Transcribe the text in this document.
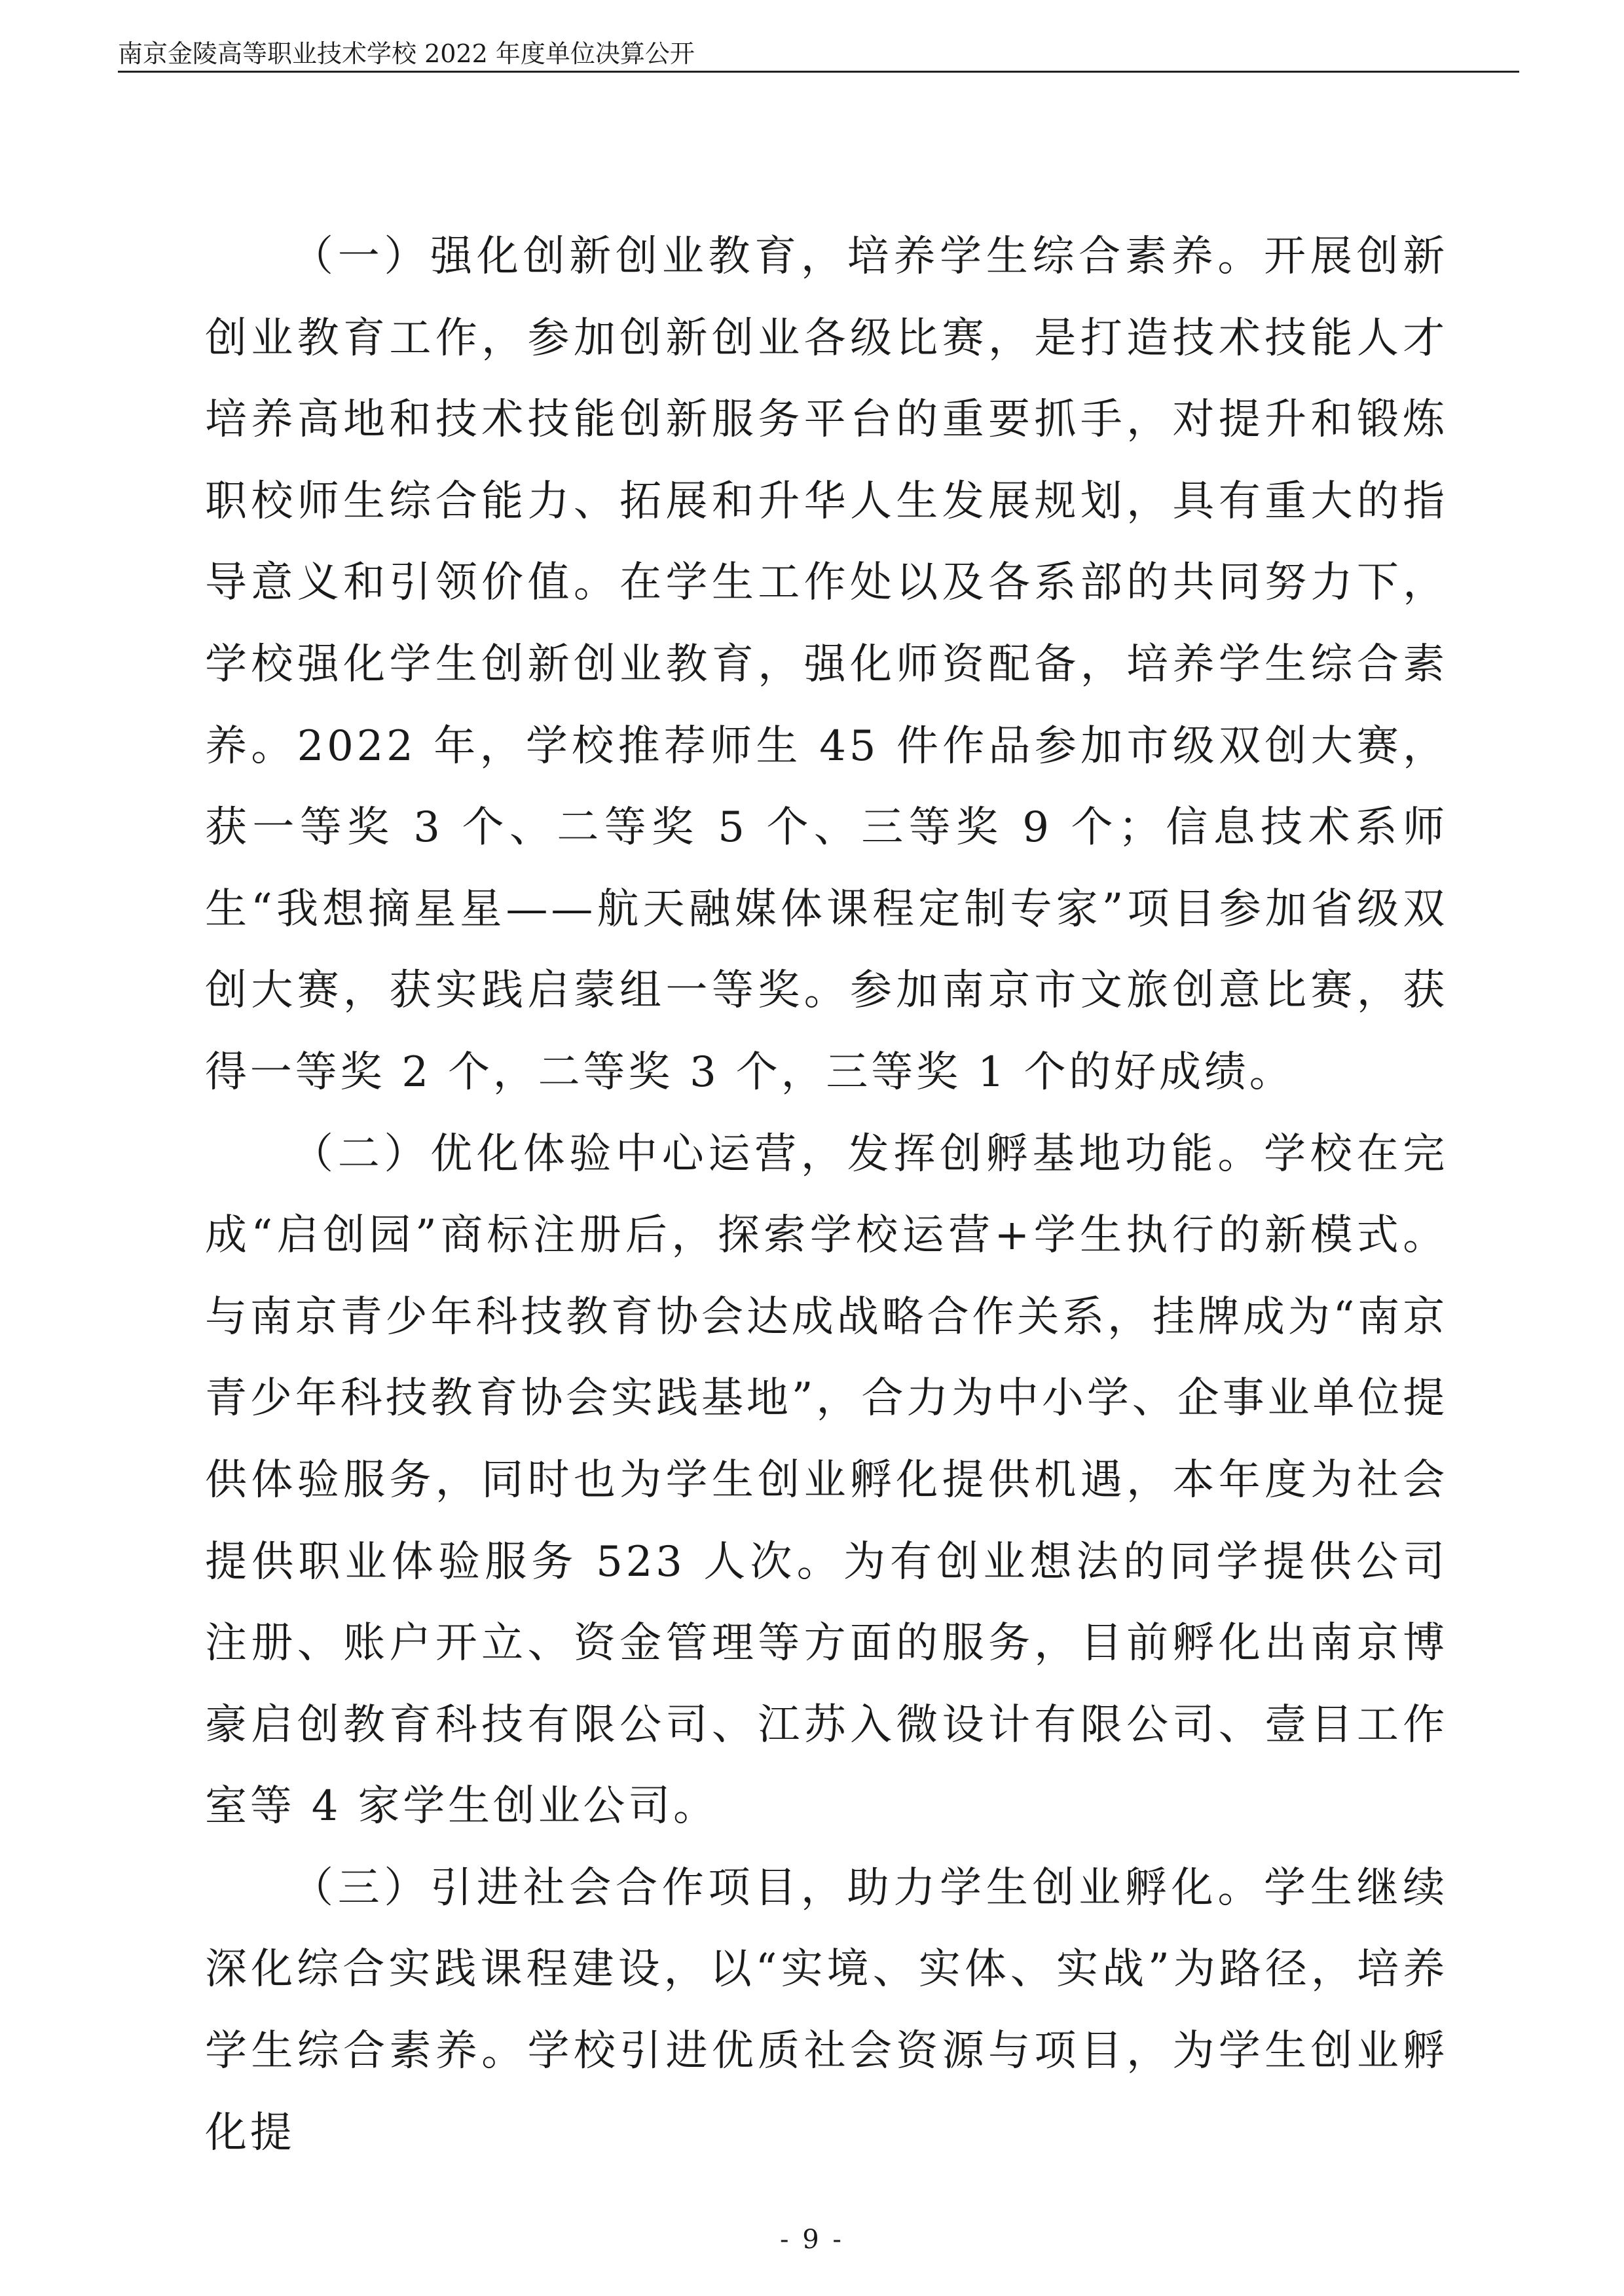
南京金陵高等职业技术学校 2022 年度单位决算公开

（一）强化创新创业教育，培养学生综合素养。开展创新创业教育工作，参加创新创业各级比赛，是打造技术技能人才培养高地和技术技能创新服务平台的重要抓手，对提升和锻炼职校师生综合能力、拓展和升华人生发展规划，具有重大的指导意义和引领价值。在学生工作处以及各系部的共同努力下，学校强化学生创新创业教育，强化师资配备，培养学生综合素养。2022 年，学校推荐师生 45 件作品参加市级双创大赛，获一等奖 3 个、二等奖 5 个、三等奖 9 个；信息技术系师生“我想摘星星——航天融媒体课程定制专家”项目参加省级双创大赛，获实践启蒙组一等奖。参加南京市文旅创意比赛，获得一等奖 2 个，二等奖 3 个，三等奖 1 个的好成绩。

（二）优化体验中心运营，发挥创孵基地功能。学校在完成“启创园”商标注册后，探索学校运营+学生执行的新模式。与南京青少年科技教育协会达成战略合作关系，挂牌成为“南京青少年科技教育协会实践基地”，合力为中小学、企事业单位提供体验服务，同时也为学生创业孵化提供机遇，本年度为社会提供职业体验服务 523 人次。为有创业想法的同学提供公司注册、账户开立、资金管理等方面的服务，目前孵化出南京博豪启创教育科技有限公司、江苏入微设计有限公司、壹目工作室等 4 家学生创业公司。

（三）引进社会合作项目，助力学生创业孵化。学生继续深化综合实践课程建设，以“实境、实体、实战”为路径，培养学生综合素养。学校引进优质社会资源与项目，为学生创业孵化提

- 9 -
